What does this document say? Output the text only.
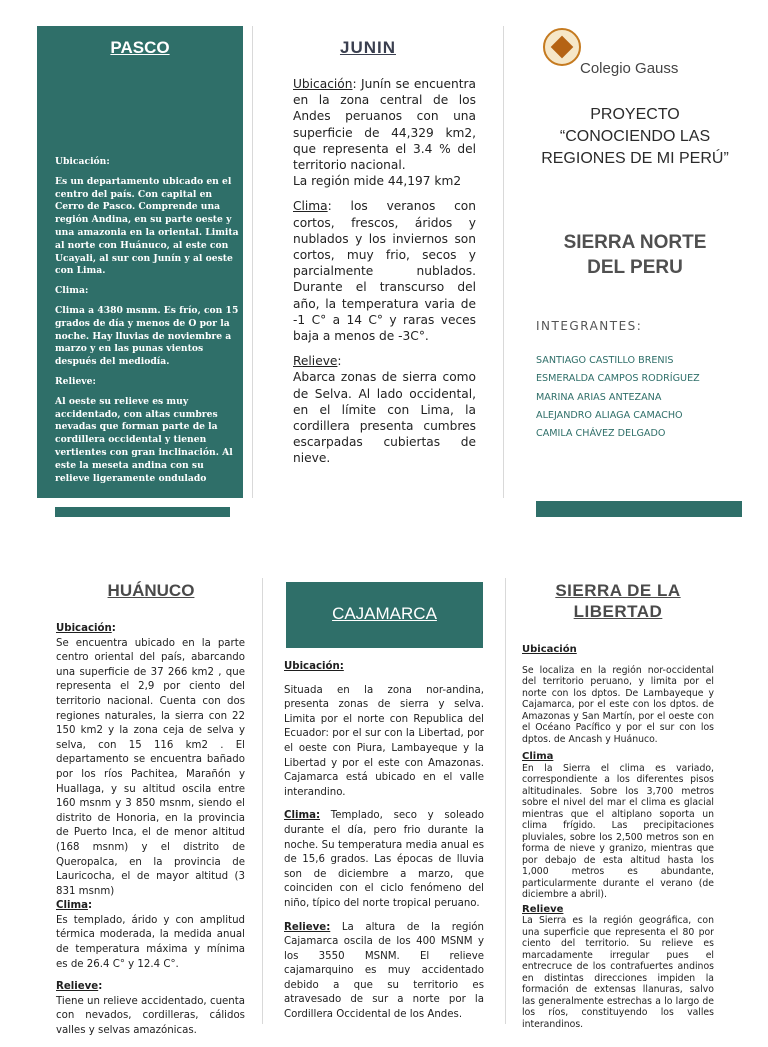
PASCO

Ubicación:

Es un departamento ubicado en el centro del país. Con capital en Cerro de Pasco. Comprende una región Andina, en su parte oeste y una amazonia en la oriental. Limita al norte con Huánuco, al este con Ucayali, al sur con Junín y al oeste con Lima.

Clima:

Clima a 4380 msnm. Es frío, con 15 grados de día y menos de O por la noche. Hay lluvias de noviembre a marzo y en las punas vientos después del mediodía.

Relieve:

Al oeste su relieve es muy accidentado, con altas cumbres nevadas que forman parte de la cordillera occidental y tienen vertientes con gran inclinación. Al este la meseta andina con su relieve ligeramente ondulado

JUNIN

Ubicación: Junín se encuentra en la zona central de los Andes peruanos con una superficie de 44,329 km2, que representa el 3.4 % del territorio nacional.
La región mide 44,197 km2

Clima: los veranos con cortos, frescos, áridos y nublados y los inviernos son cortos, muy frio, secos y parcialmente nublados. Durante el transcurso del año, la temperatura varia de -1 C° a 14 C° y raras veces baja a menos de -3C°.

Relieve:
Abarca zonas de sierra como de Selva. Al lado occidental, en el límite con Lima, la cordillera presenta cumbres escarpadas cubiertas de nieve.

Colegio Gauss
PROYECTO
“CONOCIENDO LAS REGIONES DE MI PERÚ”
SIERRA NORTE
DEL PERU
INTEGRANTES:
SANTIAGO CASTILLO BRENIS
ESMERALDA CAMPOS RODRÍGUEZ
MARINA ARIAS ANTEZANA
ALEJANDRO ALIAGA CAMACHO
CAMILA CHÁVEZ DELGADO
HUÁNUCO

Ubicación:
Se encuentra ubicado en la parte centro oriental del país, abarcando una superficie de 37 266 km2 , que representa el 2,9 por ciento del territorio nacional. Cuenta con dos regiones naturales, la sierra con 22 150 km2 y la zona ceja de selva y selva, con 15 116 km2 . El departamento se encuentra bañado por los ríos Pachitea, Marañón y Huallaga, y su altitud oscila entre 160 msnm y 3 850 msnm, siendo el distrito de Honoria, en la provincia de Puerto Inca, el de menor altitud (168 msnm) y el distrito de Queropalca, en la provincia de Lauricocha, el de mayor altitud (3 831 msnm)

Clima:
Es templado, árido y con amplitud térmica moderada, la medida anual de temperatura máxima y mínima es de 26.4 C° y 12.4 C°.

Relieve:
Tiene un relieve accidentado, cuenta con nevados, cordilleras, cálidos valles y selvas amazónicas.

CAJAMARCA

Ubicación:

Situada en la zona nor-andina, presenta zonas de sierra y selva. Limita por el norte con Republica del Ecuador: por el sur con la Libertad, por el oeste con Piura, Lambayeque y la Libertad y por el este con Amazonas. Cajamarca está ubicado en el valle interandino.

Clima: Templado, seco y soleado durante el día, pero frio durante la noche. Su temperatura media anual es de 15,6 grados. Las épocas de lluvia son de diciembre a marzo, que coinciden con el ciclo fenómeno del niño, típico del norte tropical peruano.

Relieve: La altura de la región Cajamarca oscila de los 400 MSNM y los 3550 MSNM. El relieve cajamarquino es muy accidentado debido a que su territorio es atravesado de sur a norte por la Cordillera Occidental de los Andes.

SIERRA DE LA
LIBERTAD

Ubicación

Se localiza en la región nor-occidental del territorio peruano, y limita por el norte con los dptos. De Lambayeque y Cajamarca, por el este con los dptos. de Amazonas y San Martín, por el oeste con el Océano Pacífico y por el sur con los dptos. de Ancash y Huánuco.

Clima
En la Sierra el clima es variado, correspondiente a los diferentes pisos altitudinales. Sobre los 3,700 metros sobre el nivel del mar el clima es glacial mientras que el altiplano soporta un clima frígido. Las precipitaciones pluviales, sobre los 2,500 metros son en forma de nieve y granizo, mientras que por debajo de esta altitud hasta los 1,000 metros es abundante, particularmente durante el verano (de diciembre a abril).

Relieve
La Sierra es la región geográfica, con una superficie que representa el 80 por ciento del territorio. Su relieve es marcadamente irregular pues el entrecruce de los contrafuertes andinos en distintas direcciones impiden la formación de extensas llanuras, salvo las generalmente estrechas a lo largo de los ríos, constituyendo los valles interandinos.
